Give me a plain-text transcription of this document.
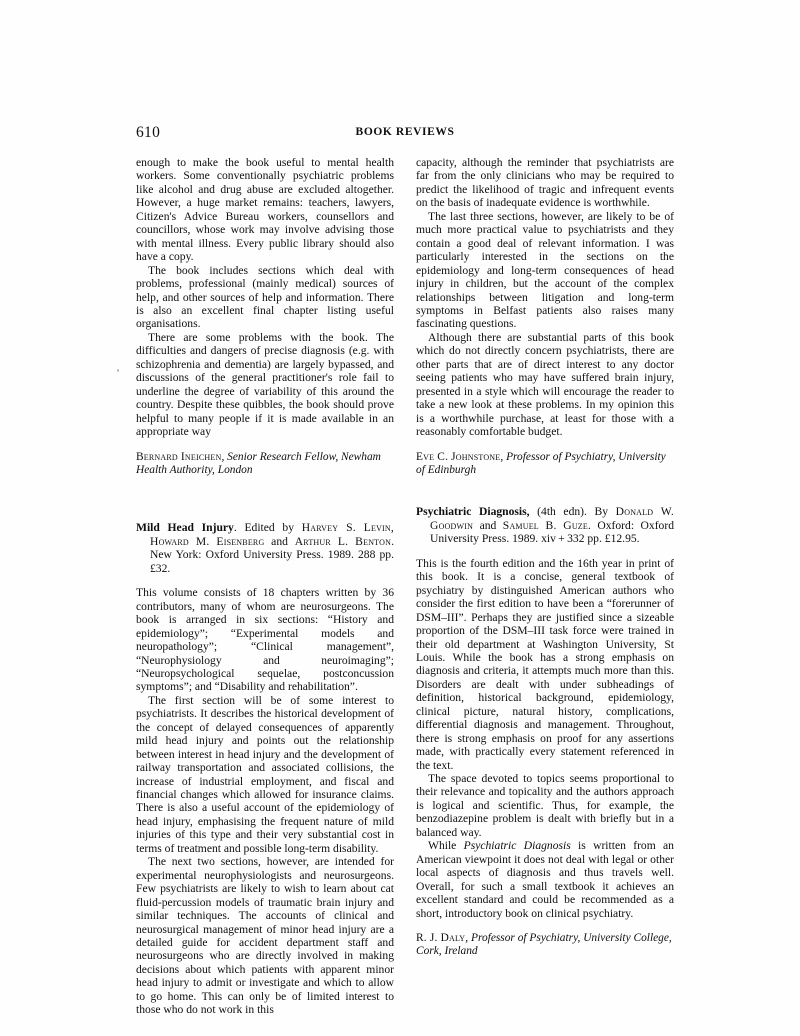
610	BOOK REVIEWS

enough to make the book useful to mental health workers. Some conventionally psychiatric problems like alcohol and drug abuse are excluded altogether. However, a huge market remains: teachers, lawyers, Citizen's Advice Bureau workers, counsellors and councillors, whose work may involve advising those with mental illness. Every public library should also have a copy.

The book includes sections which deal with problems, professional (mainly medical) sources of help, and other sources of help and information. There is also an excellent final chapter listing useful organisations.

There are some problems with the book. The difficulties and dangers of precise diagnosis (e.g. with schizophrenia and dementia) are largely bypassed, and discussions of the general practitioner's role fail to underline the degree of variability of this around the country. Despite these quibbles, the book should prove helpful to many people if it is made available in an appropriate way

Bernard Ineichen, Senior Research Fellow, Newham Health Authority, London

Mild Head Injury. Edited by Harvey S. Levin, Howard M. Eisenberg and Arthur L. Benton. New York: Oxford University Press. 1989. 288 pp. £32.

This volume consists of 18 chapters written by 36 contributors, many of whom are neurosurgeons. The book is arranged in six sections: “History and epidemiology”; “Experimental models and neuropathology”; “Clinical management”, “Neurophysiology and neuroimaging”; “Neuropsychological sequelae, postconcussion symptoms”; and “Disability and rehabilitation”.

The first section will be of some interest to psychiatrists. It describes the historical development of the concept of delayed consequences of apparently mild head injury and points out the relationship between interest in head injury and the development of railway transportation and associated collisions, the increase of industrial employment, and fiscal and financial changes which allowed for insurance claims. There is also a useful account of the epidemiology of head injury, emphasising the frequent nature of mild injuries of this type and their very substantial cost in terms of treatment and possible long-term disability.

The next two sections, however, are intended for experimental neurophysiologists and neurosurgeons. Few psychiatrists are likely to wish to learn about cat fluid-percussion models of traumatic brain injury and similar techniques. The accounts of clinical and neurosurgical management of minor head injury are a detailed guide for accident department staff and neurosurgeons who are directly involved in making decisions about which patients with apparent minor head injury to admit or investigate and which to allow to go home. This can only be of limited interest to those who do not work in this

capacity, although the reminder that psychiatrists are far from the only clinicians who may be required to predict the likelihood of tragic and infrequent events on the basis of inadequate evidence is worthwhile.

The last three sections, however, are likely to be of much more practical value to psychiatrists and they contain a good deal of relevant information. I was particularly interested in the sections on the epidemiology and long-term consequences of head injury in children, but the account of the complex relationships between litigation and long-term symptoms in Belfast patients also raises many fascinating questions.

Although there are substantial parts of this book which do not directly concern psychiatrists, there are other parts that are of direct interest to any doctor seeing patients who may have suffered brain injury, presented in a style which will encourage the reader to take a new look at these problems. In my opinion this is a worthwhile purchase, at least for those with a reasonably comfortable budget.

Eve C. Johnstone, Professor of Psychiatry, University of Edinburgh

Psychiatric Diagnosis, (4th edn). By Donald W. Goodwin and Samuel B. Guze. Oxford: Oxford University Press. 1989. xiv + 332 pp. £12.95.

This is the fourth edition and the 16th year in print of this book. It is a concise, general textbook of psychiatry by distinguished American authors who consider the first edition to have been a “forerunner of DSM–III”. Perhaps they are justified since a sizeable proportion of the DSM–III task force were trained in their old department at Washington University, St Louis. While the book has a strong emphasis on diagnosis and criteria, it attempts much more than this. Disorders are dealt with under subheadings of definition, historical background, epidemiology, clinical picture, natural history, complications, differential diagnosis and management. Throughout, there is strong emphasis on proof for any assertions made, with practically every statement referenced in the text.

The space devoted to topics seems proportional to their relevance and topicality and the authors approach is logical and scientific. Thus, for example, the benzodiazepine problem is dealt with briefly but in a balanced way.

While Psychiatric Diagnosis is written from an American viewpoint it does not deal with legal or other local aspects of diagnosis and thus travels well. Overall, for such a small textbook it achieves an excellent standard and could be recommended as a short, introductory book on clinical psychiatry.

R. J. Daly, Professor of Psychiatry, University College, Cork, Ireland
